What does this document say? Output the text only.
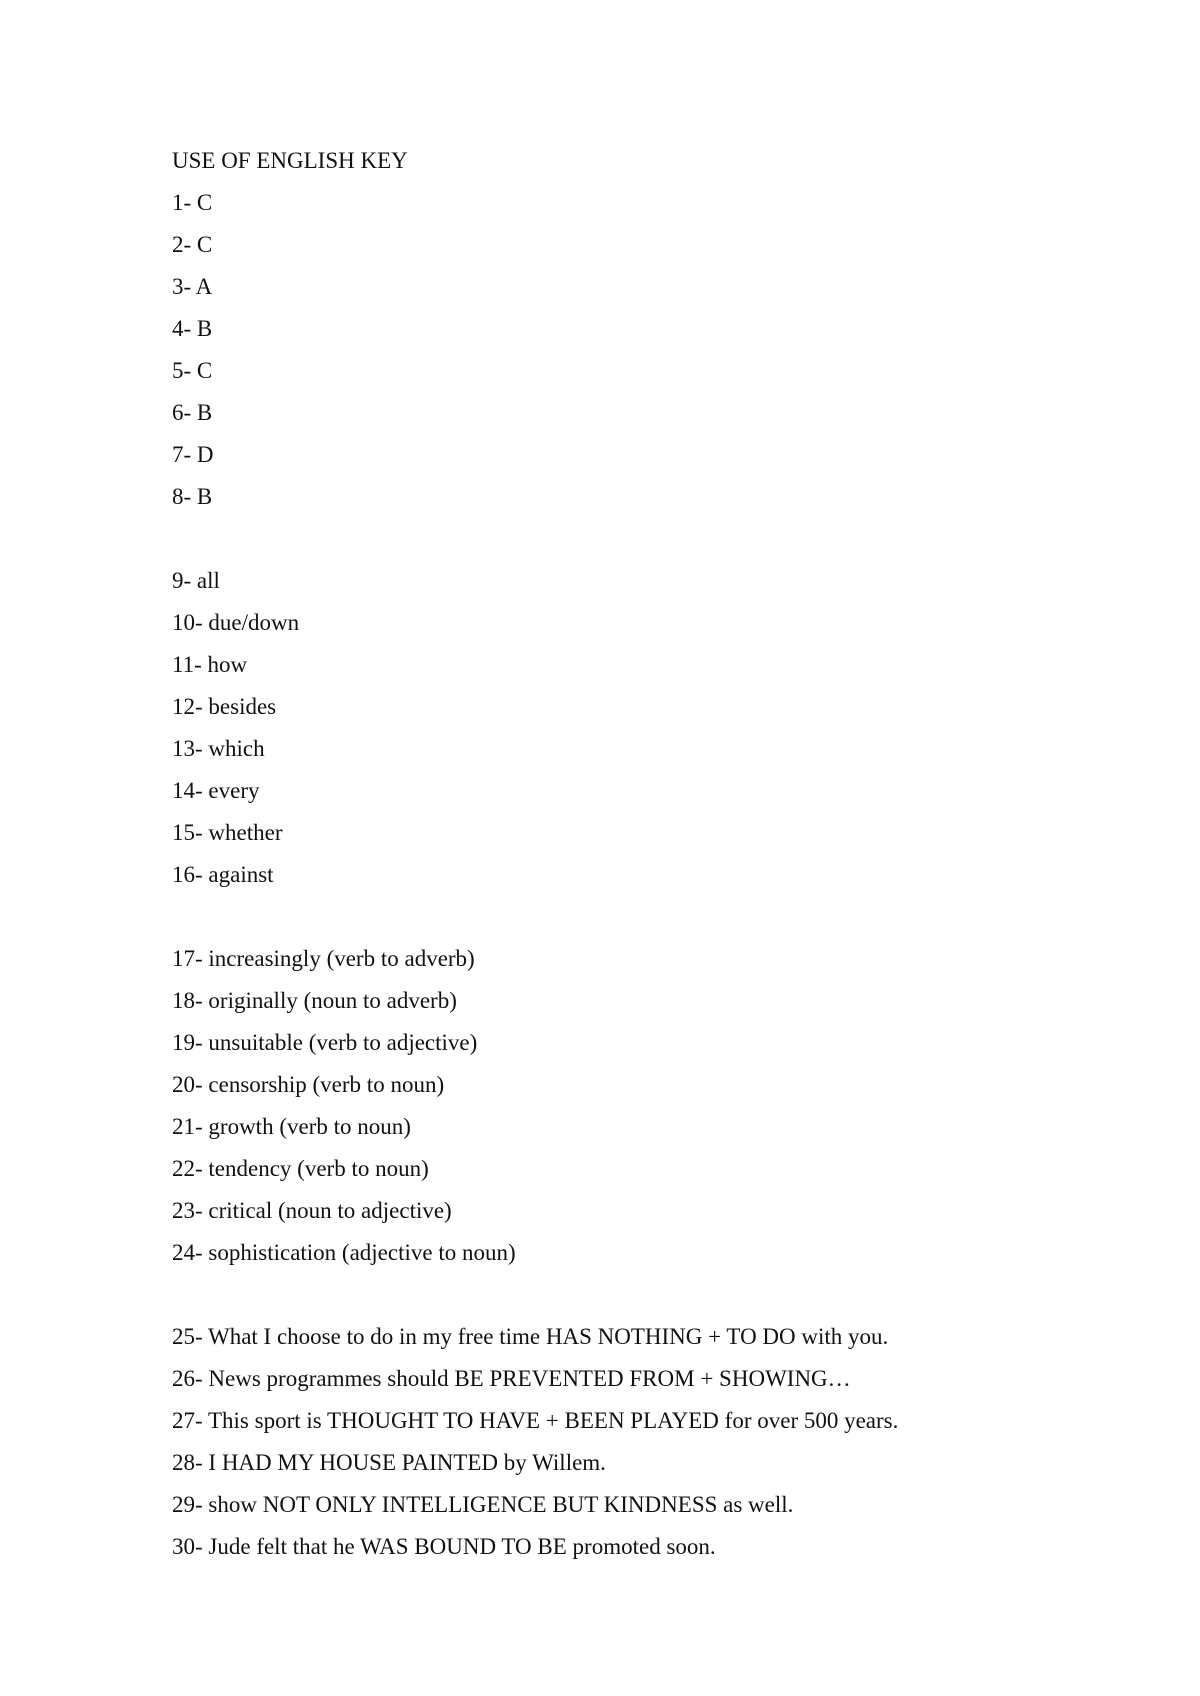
USE OF ENGLISH KEY
1- C
2- C
3- A
4- B
5- C
6- B
7- D
8- B
9- all
10- due/down
11- how
12- besides
13- which
14- every
15- whether
16- against
17- increasingly (verb to adverb)
18- originally (noun to adverb)
19- unsuitable (verb to adjective)
20- censorship (verb to noun)
21- growth (verb to noun)
22- tendency (verb to noun)
23- critical (noun to adjective)
24- sophistication (adjective to noun)
25- What I choose to do in my free time HAS NOTHING + TO DO with you.
26- News programmes should BE PREVENTED FROM + SHOWING…
27- This sport is THOUGHT TO HAVE + BEEN PLAYED for over 500 years.
28- I HAD MY HOUSE PAINTED by Willem.
29- show NOT ONLY INTELLIGENCE BUT KINDNESS as well.
30- Jude felt that he WAS BOUND TO BE promoted soon.
